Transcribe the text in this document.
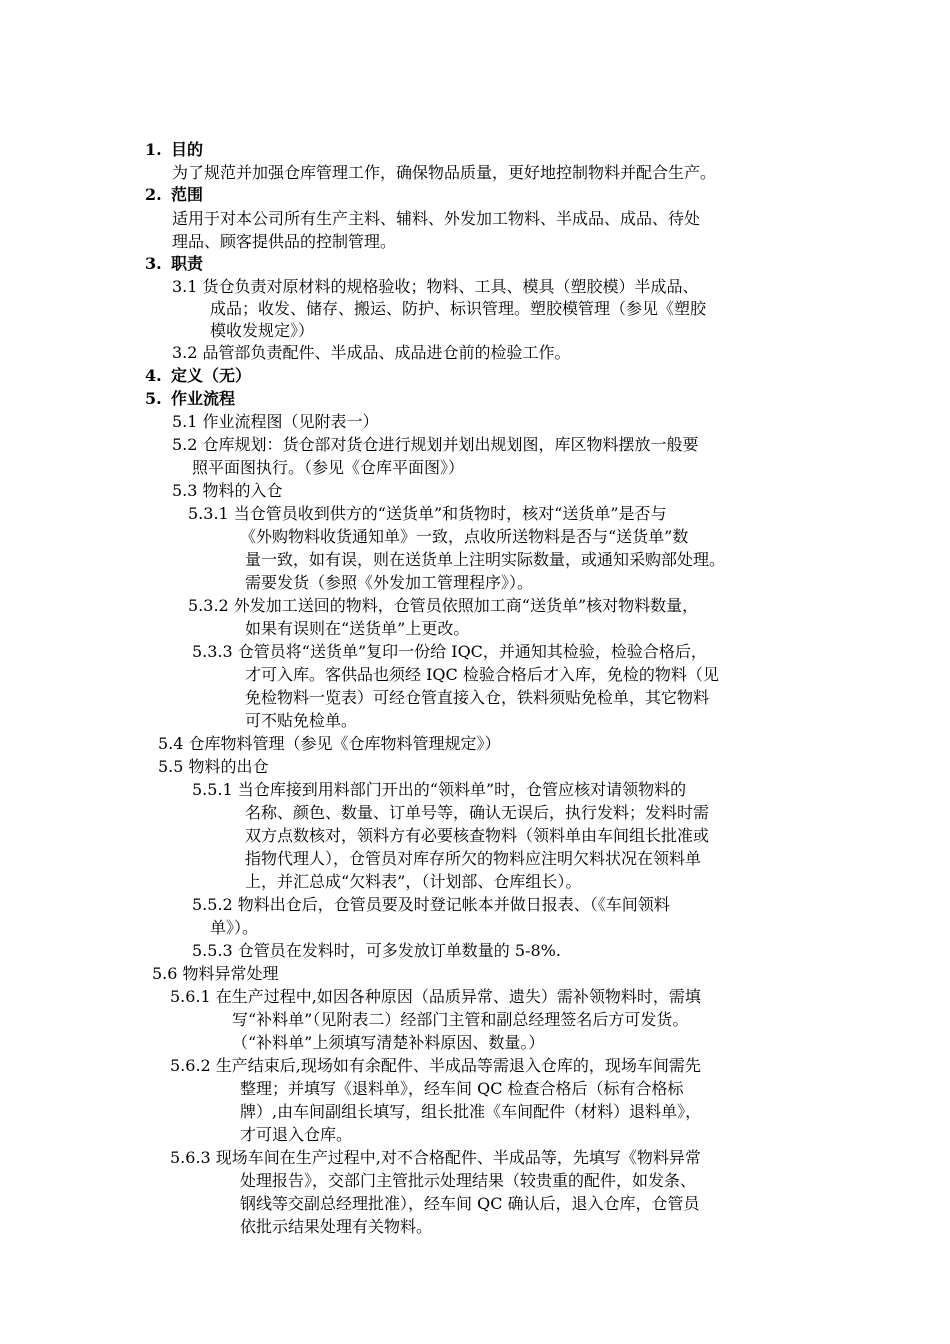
1. 目的
为了规范并加强仓库管理工作，确保物品质量，更好地控制物料并配合生产。
2. 范围
适用于对本公司所有生产主料、辅料、外发加工物料、半成品、成品、待处
理品、顾客提供品的控制管理。
3. 职责
3.1 货仓负责对原材料的规格验收；物料、工具、模具（塑胶模）半成品、
成品；收发、储存、搬运、防护、标识管理。塑胶模管理（参见《塑胶
模收发规定》）
3.2 品管部负责配件、半成品、成品进仓前的检验工作。
4. 定义（无）
5. 作业流程
5.1 作业流程图（见附表一）
5.2 仓库规划：货仓部对货仓进行规划并划出规划图，库区物料摆放一般要
照平面图执行。（参见《仓库平面图》）
5.3 物料的入仓
5.3.1 当仓管员收到供方的“送货单”和货物时，核对“送货单”是否与
《外购物料收货通知单》一致，点收所送物料是否与“送货单”数
量一致，如有误，则在送货单上注明实际数量，或通知采购部处理。
需要发货（参照《外发加工管理程序》）。
5.3.2 外发加工送回的物料，仓管员依照加工商“送货单”核对物料数量，
如果有误则在“送货单”上更改。
5.3.3 仓管员将“送货单”复印一份给 IQC，并通知其检验，检验合格后，
才可入库。客供品也须经 IQC 检验合格后才入库，免检的物料（见
免检物料一览表）可经仓管直接入仓，铁料须贴免检单，其它物料
可不贴免检单。
5.4 仓库物料管理（参见《仓库物料管理规定》）
5.5 物料的出仓
5.5.1 当仓库接到用料部门开出的“领料单”时，仓管应核对请领物料的
名称、颜色、数量、订单号等，确认无误后，执行发料；发料时需
双方点数核对，领料方有必要核查物料（领料单由车间组长批准或
指物代理人），仓管员对库存所欠的物料应注明欠料状况在领料单
上，并汇总成“欠料表”，（计划部、仓库组长）。
5.5.2 物料出仓后，仓管员要及时登记帐本并做日报表、（《车间领料
单》）。
5.5.3 仓管员在发料时，可多发放订单数量的 5-8%.
5.6 物料异常处理
5.6.1 在生产过程中,如因各种原因（品质异常、遗失）需补领物料时，需填
写“补料单”（见附表二）经部门主管和副总经理签名后方可发货。
（“补料单”上须填写清楚补料原因、数量。）
5.6.2 生产结束后,现场如有余配件、半成品等需退入仓库的，现场车间需先
整理；并填写《退料单》，经车间 QC 检查合格后（标有合格标
牌）,由车间副组长填写，组长批准《车间配件（材料）退料单》，
才可退入仓库。
5.6.3 现场车间在生产过程中,对不合格配件、半成品等，先填写《物料异常
处理报告》，交部门主管批示处理结果（较贵重的配件，如发条、
钢线等交副总经理批准），经车间 QC 确认后，退入仓库，仓管员
依批示结果处理有关物料。
